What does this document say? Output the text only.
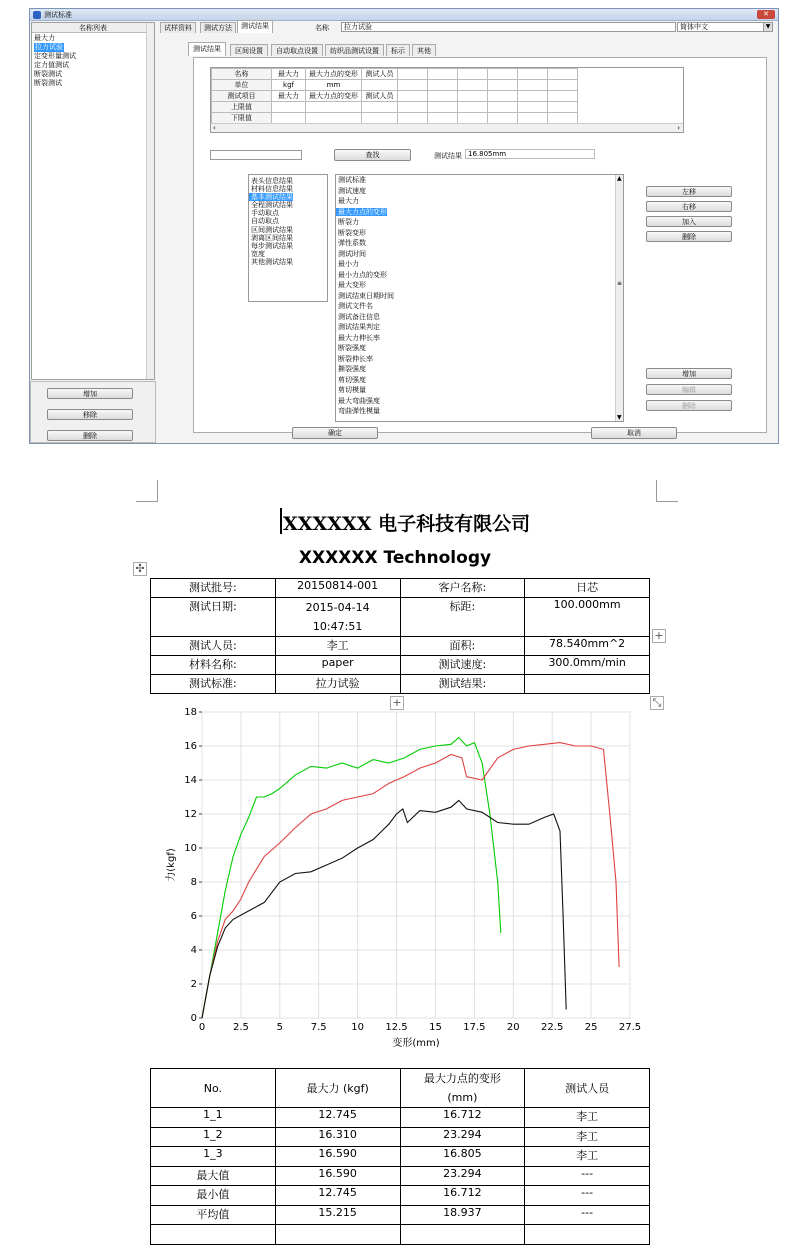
测试标准	✕
名称列表
最大力
拉力试验
定变形量测试
定力值测试
断裂测试
断裂测试
增加
移除
删除
试样资料	测试方法	测试结果	名称	拉力试验	简体中文	▼
测试结果	区间设置	自动取点设置	纺织品测试设置	标示	其他
名称	最大力	最大力点的变形	测试人员						
单位	kgf	mm							
测试项目	最大力	最大力点的变形	测试人员						
上限值									
下限值									
‹	›
查找	测试结果 16.805mm
表头信息结果
材料信息结果
基本测试结果
全程测试结果
手动取点
自动取点
区间测试结果
剥离区间结果
每步测试结果
宽度
其他测试结果
测试标准
测试速度
最大力
最大力点的变形
断裂力
断裂变形
弹性系数
测试时间
最小力
最小力点的变形
最大变形
测试结束日期时间
测试文件名
测试备注信息
测试结果判定
最大力伸长率
断裂强度
断裂伸长率
撕裂强度
剪切强度
剪切模量
最大弯曲强度
弯曲弹性模量
▲
≡
▼
左移
右移
加入
删除
增加
编辑
删除
确定	取消
XXXXXX 电子科技有限公司
XXXXXX Technology
✣
测试批号:	20150814-001	客户名称:	日芯
测试日期:	2015-04-14 10:47:51	标距:	100.000mm
测试人员:	李工	面积:	78.540mm^2
材料名称:	paper	测试速度:	300.0mm/min
测试标准:	拉力试验	测试结果:	
+
+	⤡
0	2.5	5	7.5 10 12.5 15 17.5 20 22.5 25 27.5
0
2
4
6
8
10
12
14
16
18
变形(mm)
力(kgf)
No.	最大力 (kgf)	最大力点的变形 (mm)	测试人员
1_1	12.745	16.712	李工
1_2	16.310	23.294	李工
1_3	16.590	16.805	李工
最大值	16.590	23.294	---
最小值	12.745	16.712	---
平均值	15.215	18.937	---
